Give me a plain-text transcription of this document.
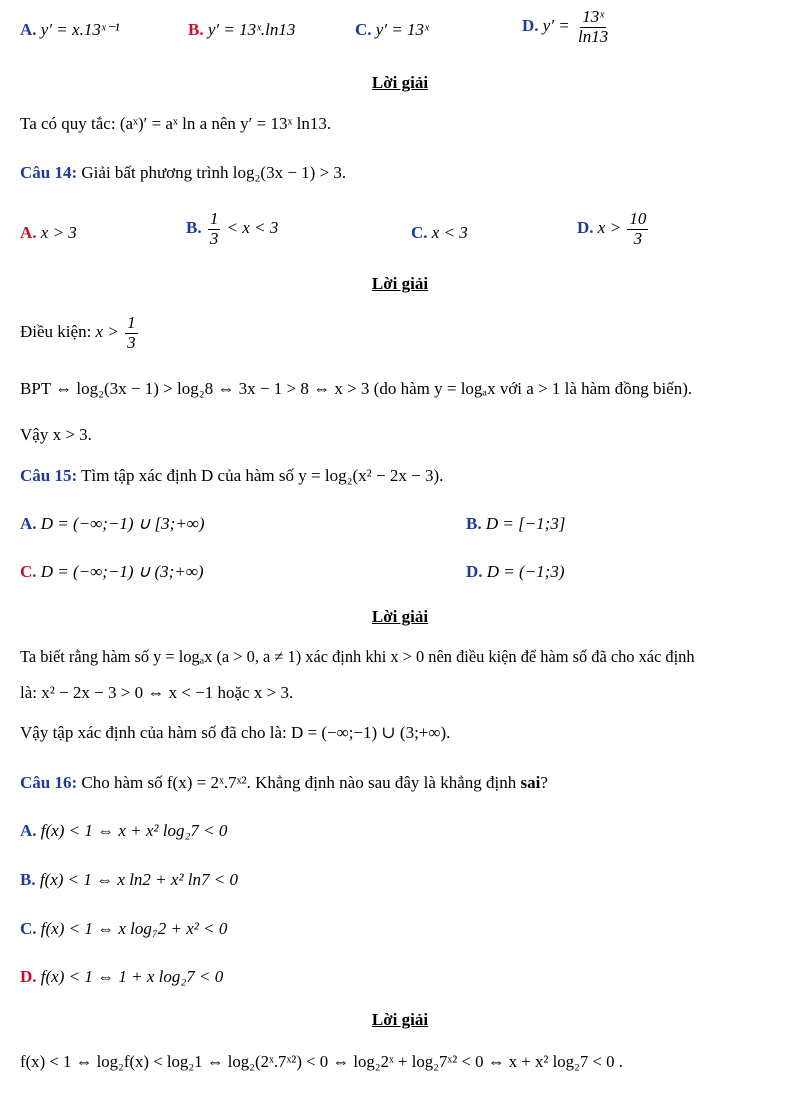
A. y′ = x.13ˣ⁻¹	B. y′ = 13ˣ.ln13	C. y′ = 13ˣ	D. $y' = \frac{\text{13ˣ}}{\ln 13}$
Lời giải
Ta có quy tắc: (aˣ)′ = aˣ ln a nên y′ = 13ˣ ln13.
Câu 14: Giải bất phương trình log₂(3x − 1) > 3.
A. x > 3	B. $\frac{1}{3} < x < 3$	C. x < 3	D. $x > \frac{10}{3}$
Lời giải
Điều kiện: $x > \frac{1}{3}$
BPT ⇔ log₂(3x − 1) > log₂8 ⇔ 3x − 1 > 8 ⇔ x > 3 (do hàm y = logₐx với a > 1 là hàm đồng biến).
Vậy x > 3.
Câu 15: Tìm tập xác định D của hàm số y = log₂(x² − 2x − 3).
A. D = (−∞;−1) ∪ [3;+∞)	B. D = [−1;3]
C. D = (−∞;−1) ∪ (3;+∞)	D. D = (−1;3)
Lời giải
Ta biết rằng hàm số y = logₐx (a > 0, a ≠ 1) xác định khi x > 0 nên điều kiện để hàm số đã cho xác định
là: x² − 2x − 3 > 0 ⇔ x < −1 hoặc x > 3.
Vậy tập xác định của hàm số đã cho là: D = (−∞;−1) ∪ (3;+∞).
Câu 16: Cho hàm số f(x) = 2ˣ.7ˣ². Khẳng định nào sau đây là khẳng định sai?
A. f(x) < 1 ⇔ x + x² log₂7 < 0
B. f(x) < 1 ⇔ x ln2 + x² ln7 < 0
C. f(x) < 1 ⇔ x log₇2 + x² < 0
D. f(x) < 1 ⇔ 1 + x log₂7 < 0
Lời giải
f(x) < 1 ⇔ log₂f(x) < log₂1 ⇔ log₂(2ˣ.7ˣ²) < 0 ⇔ log₂2ˣ + log₂7ˣ² < 0 ⇔ x + x² log₂7 < 0 .
